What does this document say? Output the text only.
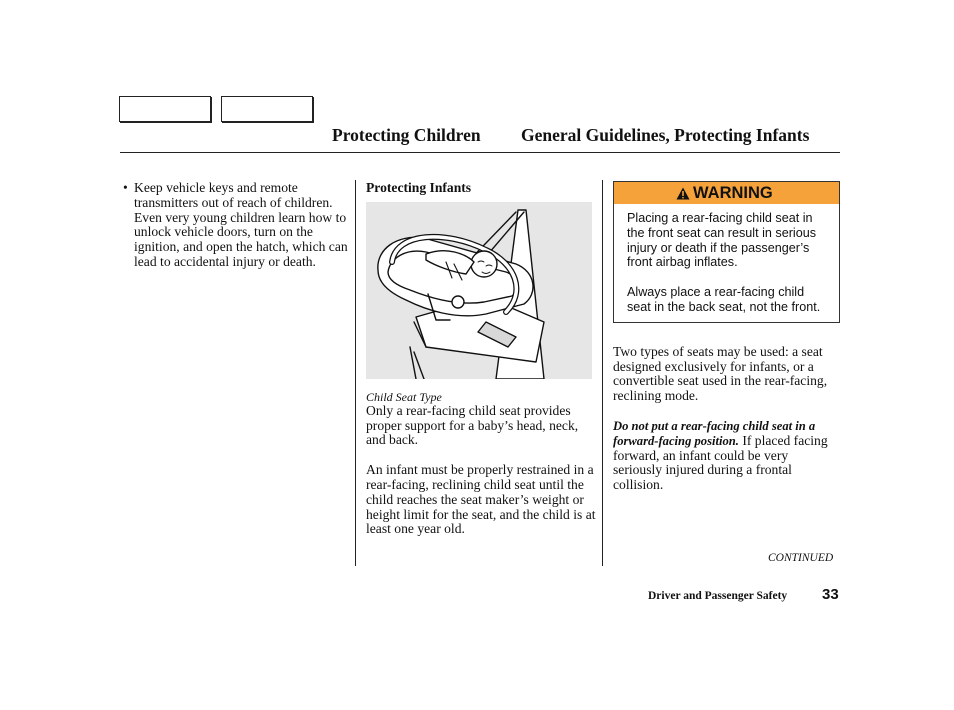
Protecting Children General Guidelines, Protecting Infants
• Keep vehicle keys and remote transmitters out of reach of children. Even very young children learn how to unlock vehicle doors, turn on the ignition, and open the hatch, which can lead to accidental injury or death.
Protecting Infants
Child Seat Type

Only a rear-facing child seat provides proper support for a baby’s head, neck, and back.

An infant must be properly restrained in a rear-facing, reclining child seat until the child reaches the seat maker’s weight or height limit for the seat, and the child is at least one year old.

WARNING

Placing a rear-facing child seat in the front seat can result in serious injury or death if the passenger’s front airbag inflates.

Always place a rear-facing child seat in the back seat, not the front.

Two types of seats may be used: a seat designed exclusively for infants, or a convertible seat used in the rear-facing, reclining mode.

Do not put a rear-facing child seat in a forward-facing position. If placed facing forward, an infant could be very seriously injured during a frontal collision.

CONTINUED
Driver and Passenger Safety 33
